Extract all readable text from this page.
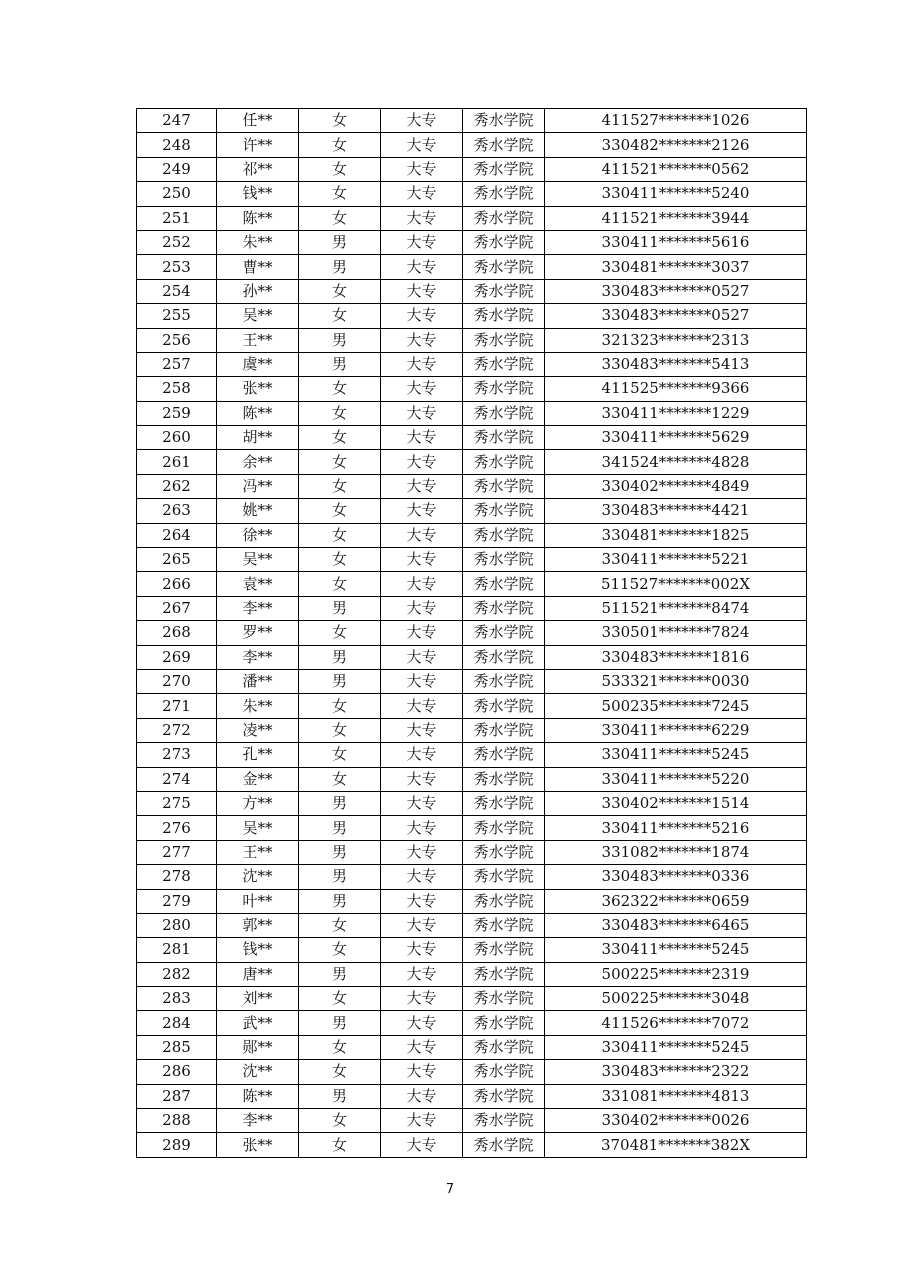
247	任**	女	大专	秀水学院	411527*******1026
248	许**	女	大专	秀水学院	330482*******2126
249	祁**	女	大专	秀水学院	411521*******0562
250	钱**	女	大专	秀水学院	330411*******5240
251	陈**	女	大专	秀水学院	411521*******3944
252	朱**	男	大专	秀水学院	330411*******5616
253	曹**	男	大专	秀水学院	330481*******3037
254	孙**	女	大专	秀水学院	330483*******0527
255	吴**	女	大专	秀水学院	330483*******0527
256	王**	男	大专	秀水学院	321323*******2313
257	虞**	男	大专	秀水学院	330483*******5413
258	张**	女	大专	秀水学院	411525*******9366
259	陈**	女	大专	秀水学院	330411*******1229
260	胡**	女	大专	秀水学院	330411*******5629
261	余**	女	大专	秀水学院	341524*******4828
262	冯**	女	大专	秀水学院	330402*******4849
263	姚**	女	大专	秀水学院	330483*******4421
264	徐**	女	大专	秀水学院	330481*******1825
265	吴**	女	大专	秀水学院	330411*******5221
266	袁**	女	大专	秀水学院	511527*******002X
267	李**	男	大专	秀水学院	511521*******8474
268	罗**	女	大专	秀水学院	330501*******7824
269	李**	男	大专	秀水学院	330483*******1816
270	潘**	男	大专	秀水学院	533321*******0030
271	朱**	女	大专	秀水学院	500235*******7245
272	凌**	女	大专	秀水学院	330411*******6229
273	孔**	女	大专	秀水学院	330411*******5245
274	金**	女	大专	秀水学院	330411*******5220
275	方**	男	大专	秀水学院	330402*******1514
276	吴**	男	大专	秀水学院	330411*******5216
277	王**	男	大专	秀水学院	331082*******1874
278	沈**	男	大专	秀水学院	330483*******0336
279	叶**	男	大专	秀水学院	362322*******0659
280	郭**	女	大专	秀水学院	330483*******6465
281	钱**	女	大专	秀水学院	330411*******5245
282	唐**	男	大专	秀水学院	500225*******2319
283	刘**	女	大专	秀水学院	500225*******3048
284	武**	男	大专	秀水学院	411526*******7072
285	郧**	女	大专	秀水学院	330411*******5245
286	沈**	女	大专	秀水学院	330483*******2322
287	陈**	男	大专	秀水学院	331081*******4813
288	李**	女	大专	秀水学院	330402*******0026
289	张**	女	大专	秀水学院	370481*******382X
7
